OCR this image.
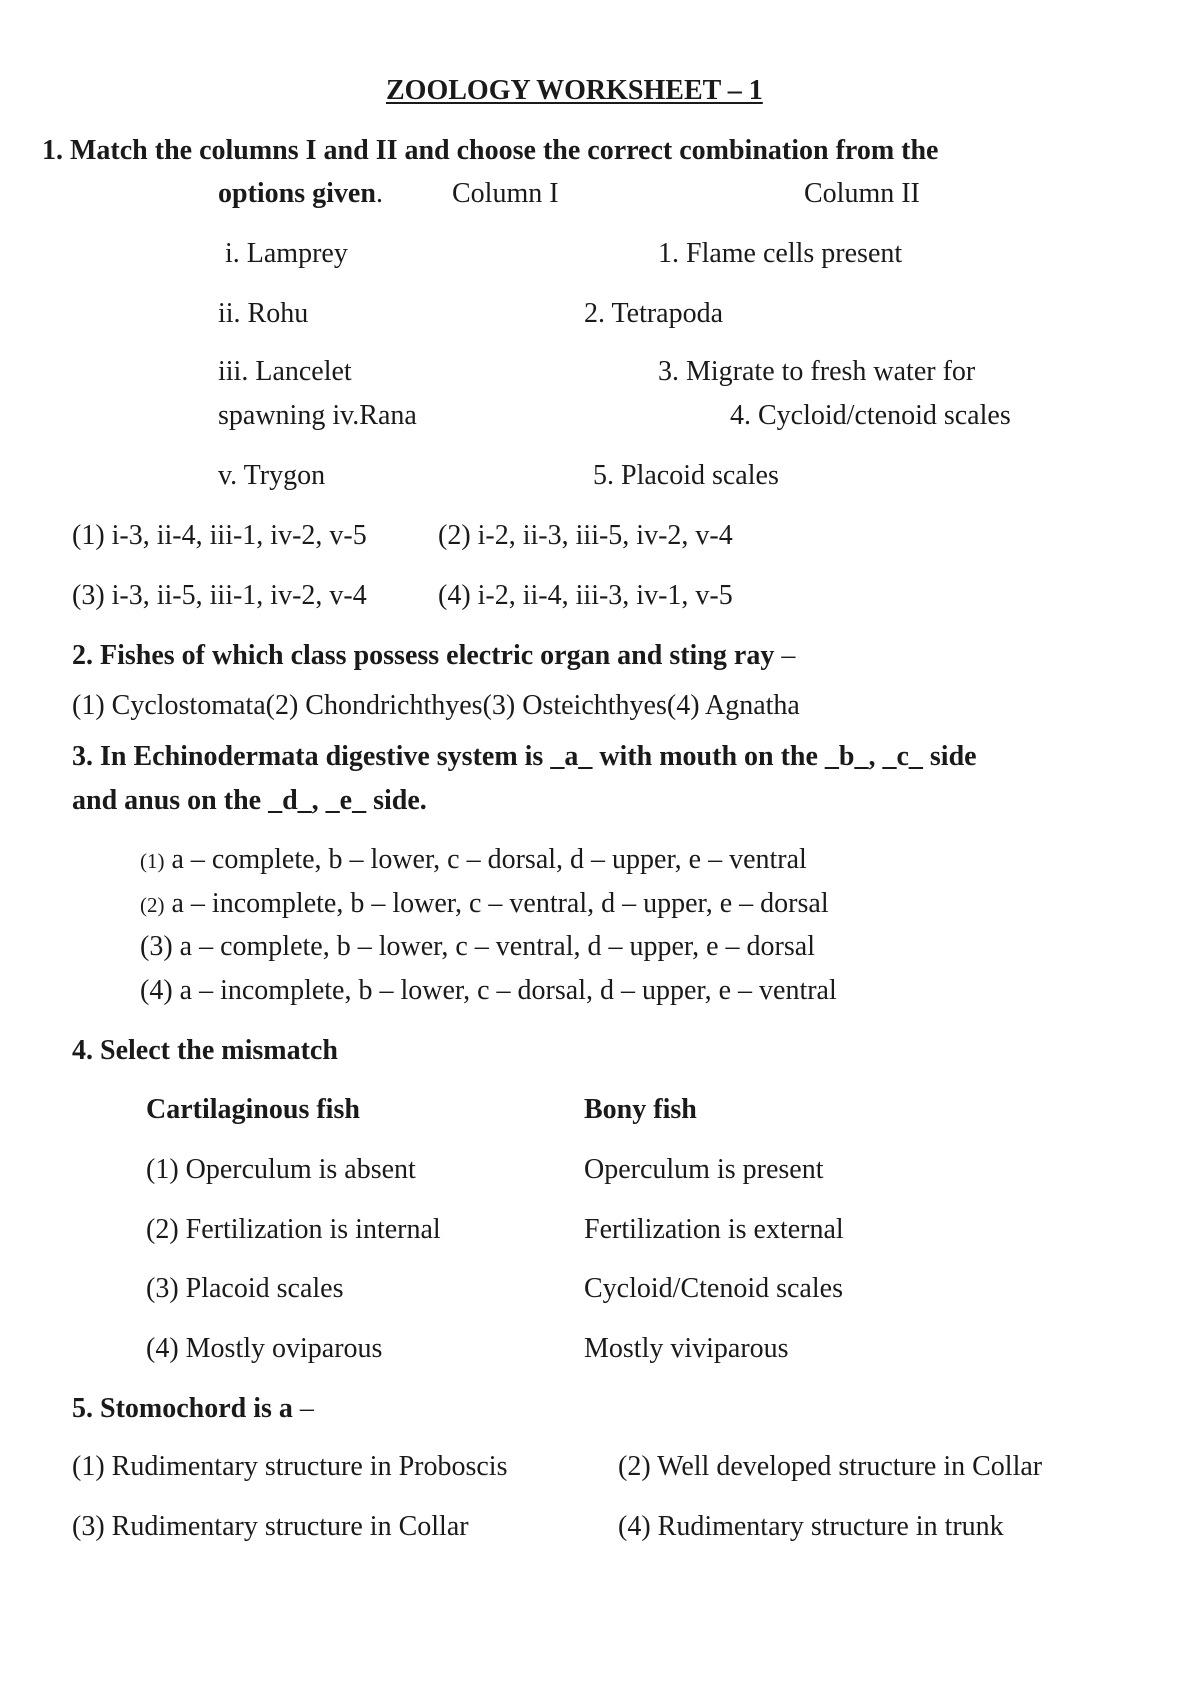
ZOOLOGY WORKSHEET – 1
1. Match the columns I and II and choose the correct combination from the
options given. Column I	Column II
i. Lamprey	1. Flame cells present
ii. Rohu	2. Tetrapoda
iii. Lancelet	3. Migrate to fresh water for
spawning iv.Rana	4. Cycloid/ctenoid scales
v. Trygon	5. Placoid scales
(1) i-3, ii-4, iii-1, iv-2, v-5	(2) i-2, ii-3, iii-5, iv-2, v-4
(3) i-3, ii-5, iii-1, iv-2, v-4	(4) i-2, ii-4, iii-3, iv-1, v-5
2. Fishes of which class possess electric organ and sting ray –
(1) Cyclostomata(2) Chondrichthyes(3) Osteichthyes(4) Agnatha
3. In Echinodermata digestive system is _a_ with mouth on the _b_, _c_ side
and anus on the _d_, _e_ side.
(1) a – complete, b – lower, c – dorsal, d – upper, e – ventral
(2) a – incomplete, b – lower, c – ventral, d – upper, e – dorsal
(3) a – complete, b – lower, c – ventral, d – upper, e – dorsal
(4) a – incomplete, b – lower, c – dorsal, d – upper, e – ventral
4. Select the mismatch
Cartilaginous fish	Bony fish
(1) Operculum is absent	Operculum is present
(2) Fertilization is internal	Fertilization is external
(3) Placoid scales	Cycloid/Ctenoid scales
(4) Mostly oviparous	Mostly viviparous
5. Stomochord is a –
(1) Rudimentary structure in Proboscis	(2) Well developed structure in Collar
(3) Rudimentary structure in Collar	(4) Rudimentary structure in trunk
